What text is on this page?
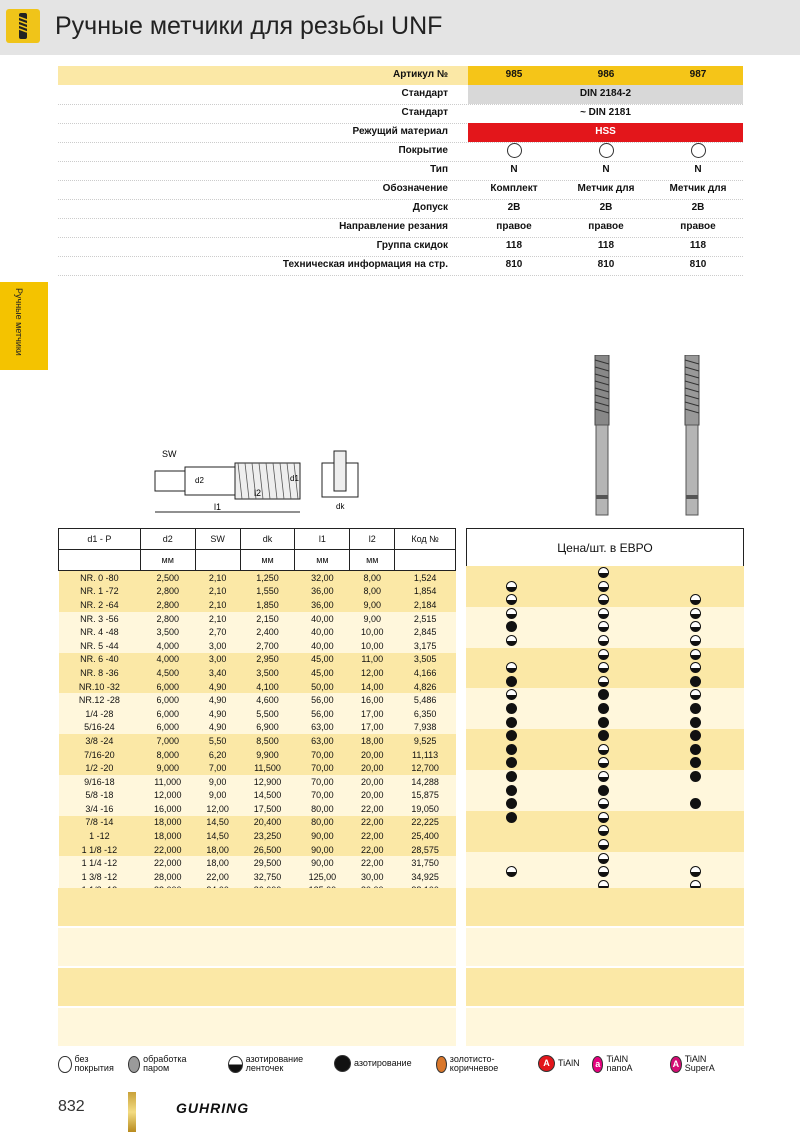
Ручные метчики для резьбы UNF
Ручные метчики
Артикул №	985	986	987
Стандарт	DIN 2184-2
Стандарт	~ DIN 2181
Режущий материал	HSS
Покрытие
Тип	N	N	N
Обозначение	Комплект	Метчик для	Метчик для
Допуск	2B	2B	2B
Направление резания	правое	правое	правое
Группа скидок	118	118	118
Техническая информация на стр.	810	810	810
SW
l1
l2
d2	d1
dk
d1 - P	d2	SW	dk	l1	l2	Код №
	мм		мм	мм	мм	
NR. 0 -80	2,500	2,10	1,250	32,00	8,00	1,524
NR. 1 -72	2,800	2,10	1,550	36,00	8,00	1,854
NR. 2 -64	2,800	2,10	1,850	36,00	9,00	2,184
NR. 3 -56	2,800	2,10	2,150	40,00	9,00	2,515
NR. 4 -48	3,500	2,70	2,400	40,00	10,00	2,845
NR. 5 -44	4,000	3,00	2,700	40,00	10,00	3,175
NR. 6 -40	4,000	3,00	2,950	45,00	11,00	3,505
NR. 8 -36	4,500	3,40	3,500	45,00	12,00	4,166
NR.10 -32	6,000	4,90	4,100	50,00	14,00	4,826
NR.12 -28	6,000	4,90	4,600	56,00	16,00	5,486
1/4 -28	6,000	4,90	5,500	56,00	17,00	6,350
5/16-24	6,000	4,90	6,900	63,00	17,00	7,938
3/8 -24	7,000	5,50	8,500	63,00	18,00	9,525
7/16-20	8,000	6,20	9,900	70,00	20,00	11,113
1/2 -20	9,000	7,00	11,500	70,00	20,00	12,700
9/16-18	11,000	9,00	12,900	70,00	20,00	14,288
5/8 -18	12,000	9,00	14,500	70,00	20,00	15,875
3/4 -16	16,000	12,00	17,500	80,00	22,00	19,050
7/8 -14	18,000	14,50	20,400	80,00	22,00	22,225
1 -12	18,000	14,50	23,250	90,00	22,00	25,400
1 1/8 -12	22,000	18,00	26,500	90,00	22,00	28,575
1 1/4 -12	22,000	18,00	29,500	90,00	22,00	31,750
1 3/8 -12	28,000	22,00	32,750	125,00	30,00	34,925

Цена/шт. в ЕВРО
без покрытия
обработка паром
азотирование ленточек	азотирование	золотисто-коричневое	A TiAlN	a TiAlN nanoA	A TiAlN SuperA
832	GUHRING
